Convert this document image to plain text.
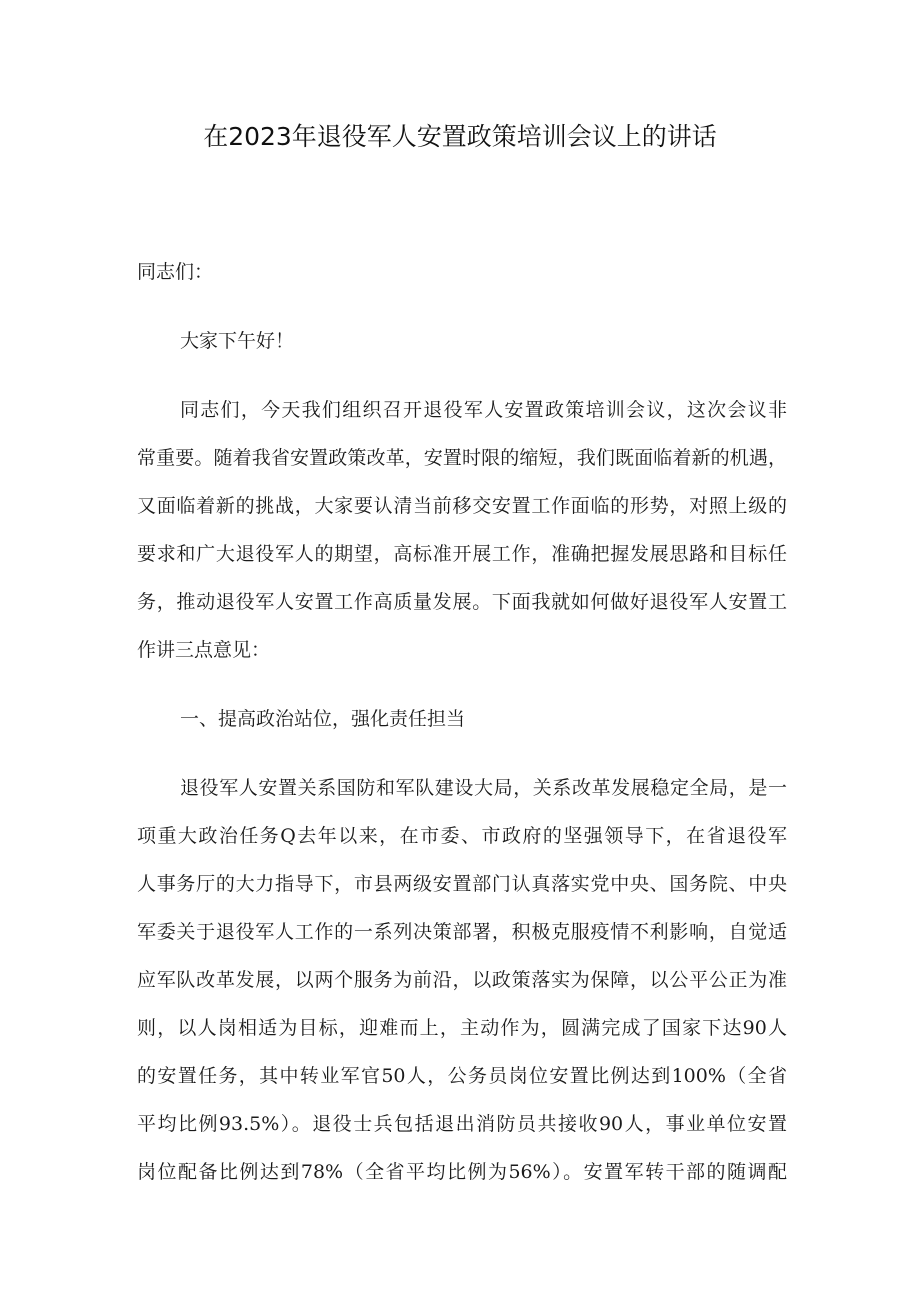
在2023年退役军人安置政策培训会议上的讲话
同志们：
大家下午好！
同志们，今天我们组织召开退役军人安置政策培训会议，这次会议非
常重要。随着我省安置政策改革，安置时限的缩短，我们既面临着新的机遇，
又面临着新的挑战，大家要认清当前移交安置工作面临的形势，对照上级的
要求和广大退役军人的期望，高标准开展工作，准确把握发展思路和目标任
务，推动退役军人安置工作高质量发展。下面我就如何做好退役军人安置工
作讲三点意见：
一、提高政治站位，强化责任担当
退役军人安置关系国防和军队建设大局，关系改革发展稳定全局，是一
项重大政治任务Q去年以来，在市委、市政府的坚强领导下，在省退役军
人事务厅的大力指导下，市县两级安置部门认真落实党中央、国务院、中央
军委关于退役军人工作的一系列决策部署，积极克服疫情不利影响，自觉适
应军队改革发展，以两个服务为前沿，以政策落实为保障，以公平公正为准
则，以人岗相适为目标，迎难而上，主动作为，圆满完成了国家下达90人
的安置任务，其中转业军官50人，公务员岗位安置比例达到100%（全省
平均比例93.5%）。退役士兵包括退出消防员共接收90人，事业单位安置
岗位配备比例达到78%（全省平均比例为56%）。安置军转干部的随调配
